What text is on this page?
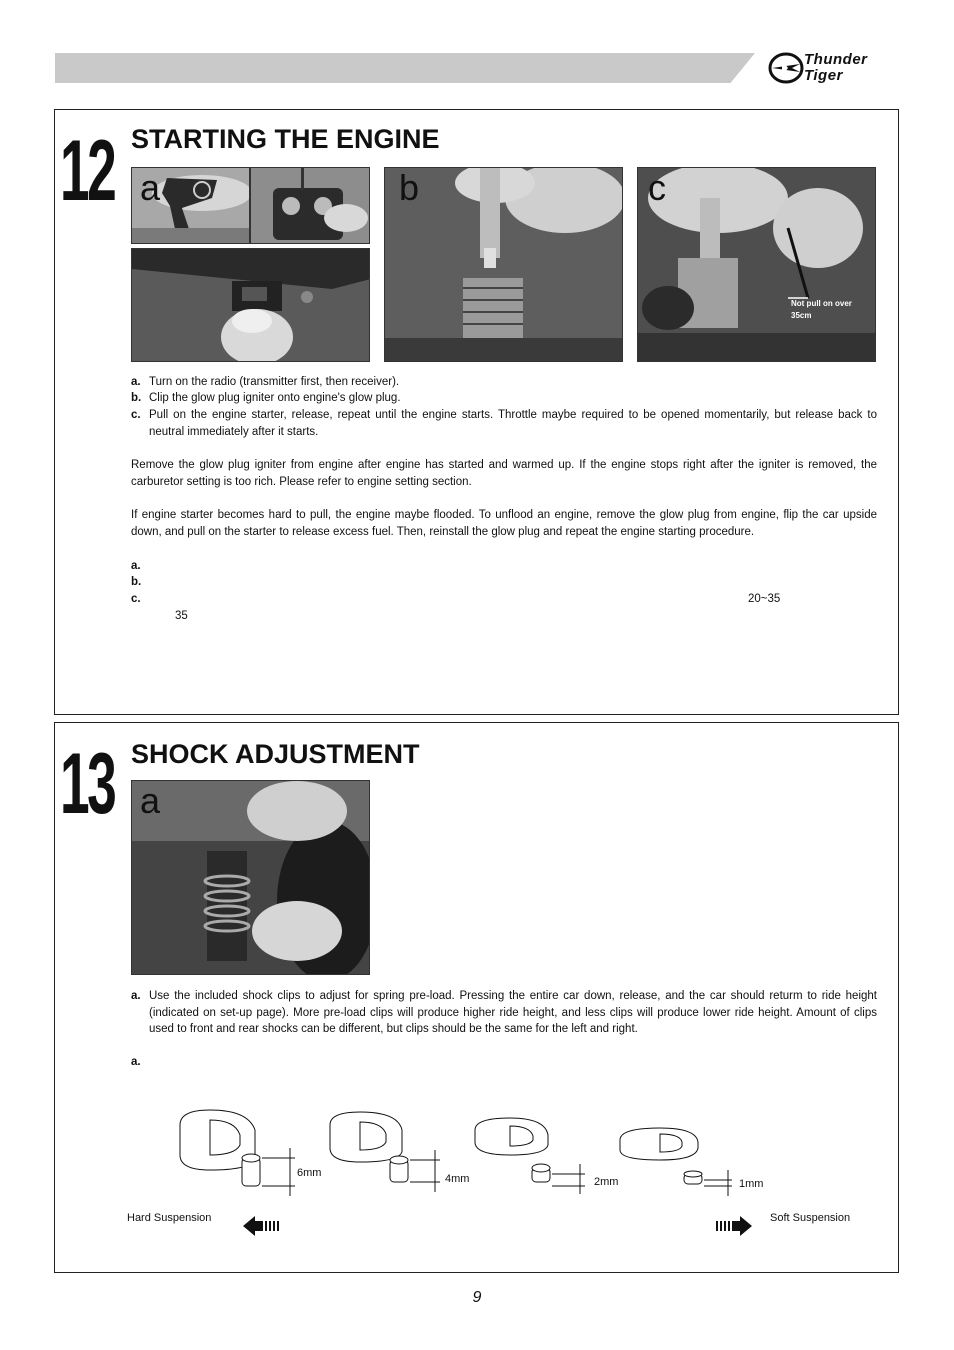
Thunder
Tiger
12 STARTING THE ENGINE
a	b	c
Not pull on over 35cm
a. Turn on the radio (transmitter first, then receiver).
b. Clip the glow plug igniter onto engine's glow plug.
c. Pull on the engine starter, release, repeat until the engine starts. Throttle maybe required to be opened momentarily, but release back to neutral immediately after it starts.
Remove the glow plug igniter from engine after engine has started and warmed up. If the engine stops right after the igniter is removed, the carburetor setting is too rich. Please refer to engine setting section.
If engine starter becomes hard to pull, the engine maybe flooded. To unflood an engine, remove the glow plug from engine, flip the car upside down, and pull on the starter to release excess fuel. Then, reinstall the glow plug and repeat the engine starting procedure.
a.
b.
c.	20~35
35
13 SHOCK ADJUSTMENT
a
a. Use the included shock clips to adjust for spring pre-load. Pressing the entire car down, release, and the car should returm to ride height (indicated on set-up page). More pre-load clips will produce higher ride height, and less clips will produce lower ride height. Amount of clips used to front and rear shocks can be different, but clips should be the same for the left and right.
a.
6mm	4mm	2mm	1mm
Hard Suspension	Soft Suspension
9
